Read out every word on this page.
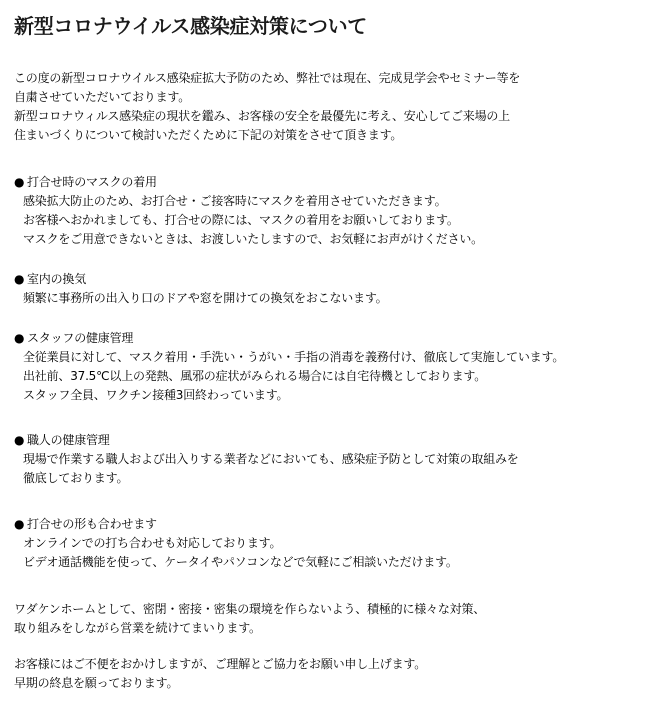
新型コロナウイルス感染症対策について
この度の新型コロナウイルス感染症拡大予防のため、弊社では現在、完成見学会やセミナー等を
自粛させていただいております。
新型コロナウィルス感染症の現状を鑑み、お客様の安全を最優先に考え、安心してご来場の上
住まいづくりについて検討いただくために下記の対策をさせて頂きます。
● 打合せ時のマスクの着用
感染拡大防止のため、お打合せ・ご接客時にマスクを着用させていただきます。
お客様へおかれましても、打合せの際には、マスクの着用をお願いしております。
マスクをご用意できないときは、お渡しいたしますので、お気軽にお声がけください。
● 室内の換気
頻繁に事務所の出入り口のドアや窓を開けての換気をおこないます。
● スタッフの健康管理
全従業員に対して、マスク着用・手洗い・うがい・手指の消毒を義務付け、徹底して実施しています。
出社前、37.5℃以上の発熱、風邪の症状がみられる場合には自宅待機としております。
スタッフ全員、ワクチン接種3回終わっています。
● 職人の健康管理
現場で作業する職人および出入りする業者などにおいても、感染症予防として対策の取組みを
徹底しております。
● 打合せの形も合わせます
オンラインでの打ち合わせも対応しております。
ビデオ通話機能を使って、ケータイやパソコンなどで気軽にご相談いただけます。
ワダケンホームとして、密閉・密接・密集の環境を作らないよう、積極的に様々な対策、
取り組みをしながら営業を続けてまいります。
お客様にはご不便をおかけしますが、ご理解とご協力をお願い申し上げます。
早期の終息を願っております。
